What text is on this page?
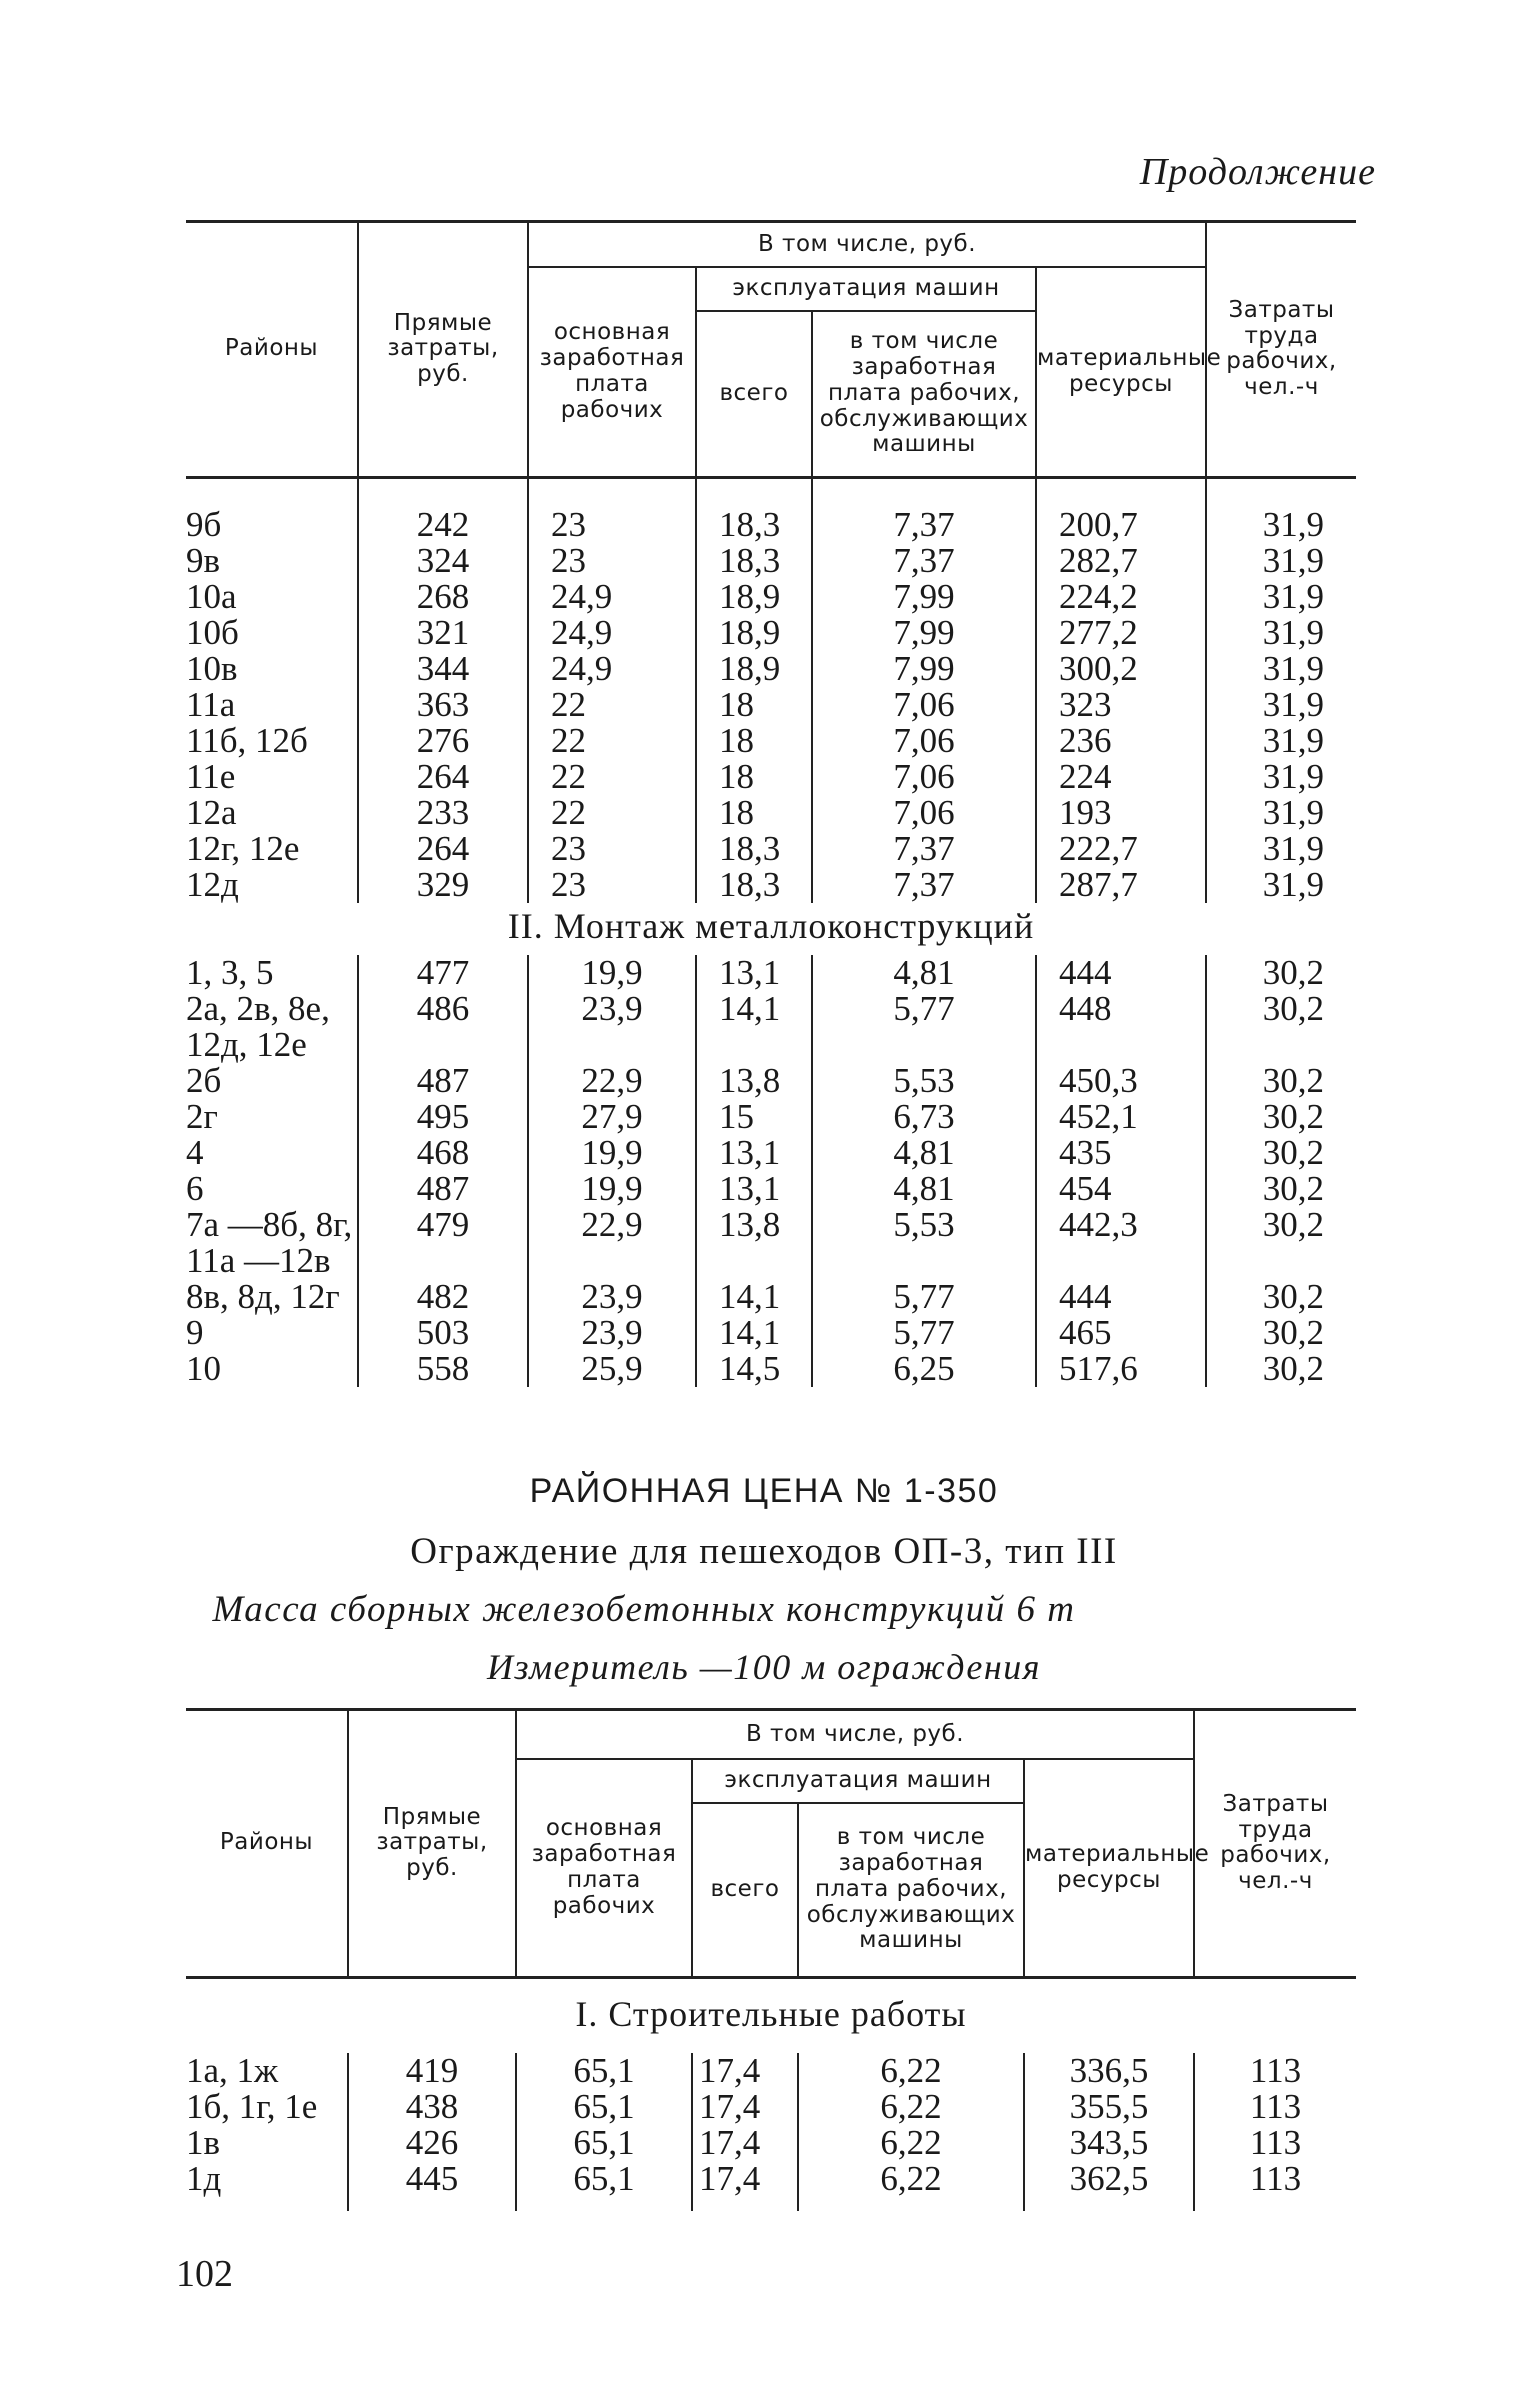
Продолжение

Районы	Прямые затраты, руб.	В том числе, руб.				Затраты труда рабочих, чел.-ч
		основная заработная плата рабочих	эксплуатация машин		материальные ресурсы	
			всего	в том числе заработная плата рабочих, обслуживающих машины		

9б	242	23	18,3	7,37	200,7	31,9
9в	324	23	18,3	7,37	282,7	31,9
10а	268	24,9	18,9	7,99	224,2	31,9
10б	321	24,9	18,9	7,99	277,2	31,9
10в	344	24,9	18,9	7,99	300,2	31,9
11а	363	22	18	7,06	323	31,9
11б, 12б	276	22	18	7,06	236	31,9
11е	264	22	18	7,06	224	31,9
12а	233	22	18	7,06	193	31,9
12г, 12е	264	23	18,3	7,37	222,7	31,9
12д	329	23	18,3	7,37	287,7	31,9
II. Монтаж металлоконструкций						
1, 3, 5	477	19,9	13,1	4,81	444	30,2
2а, 2в, 8е, 12д, 12е	486	23,9	14,1	5,77	448	30,2
2б	487	22,9	13,8	5,53	450,3	30,2
2г	495	27,9	15	6,73	452,1	30,2
4	468	19,9	13,1	4,81	435	30,2
6	487	19,9	13,1	4,81	454	30,2
7а —8б, 8г, 11а —12в	479	22,9	13,8	5,53	442,3	30,2
8в, 8д, 12г	482	23,9	14,1	5,77	444	30,2
9	503	23,9	14,1	5,77	465	30,2
10	558	25,9	14,5	6,25	517,6	30,2
РАЙОННАЯ ЦЕНА № 1-350
Ограждение для пешеходов ОП-3, тип III
Масса сборных железобетонных конструкций 6 т
Измеритель —100 м ограждения

Районы	Прямые затраты, руб.	В том числе, руб.				Затраты труда рабочих, чел.-ч
		основная заработная плата рабочих	эксплуатация машин		материальные ресурсы	
			всего	в том числе заработная плата рабочих, обслуживающих машины		

I. Строительные работы						
1а, 1ж	419	65,1	17,4	6,22	336,5	113
1б, 1г, 1е	438	65,1	17,4	6,22	355,5	113
1в	426	65,1	17,4	6,22	343,5	113
1д	445	65,1	17,4	6,22	362,5	113

102
